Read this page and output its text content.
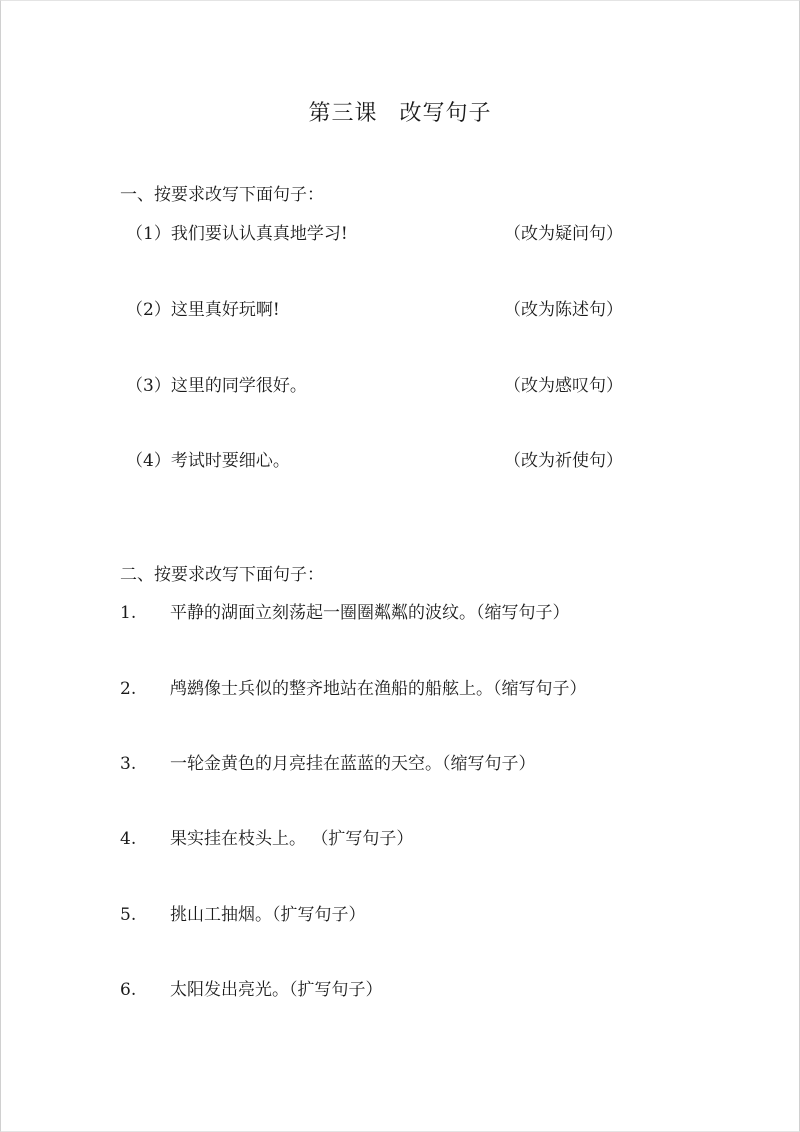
第三课 改写句子
一、按要求改写下面句子：
（1）我们要认认真真地学习!	（改为疑问句）
（2）这里真好玩啊!	（改为陈述句）
（3）这里的同学很好。	（改为感叹句）
（4）考试时要细心。	（改为祈使句）
二、按要求改写下面句子：
1. 平静的湖面立刻荡起一圈圈粼粼的波纹。（缩写句子）
2. 鸬鹚像士兵似的整齐地站在渔船的船舷上。（缩写句子）
3. 一轮金黄色的月亮挂在蓝蓝的天空。（缩写句子）
4. 果实挂在枝头上。 （扩写句子）
5. 挑山工抽烟。（扩写句子）
6. 太阳发出亮光。（扩写句子）
